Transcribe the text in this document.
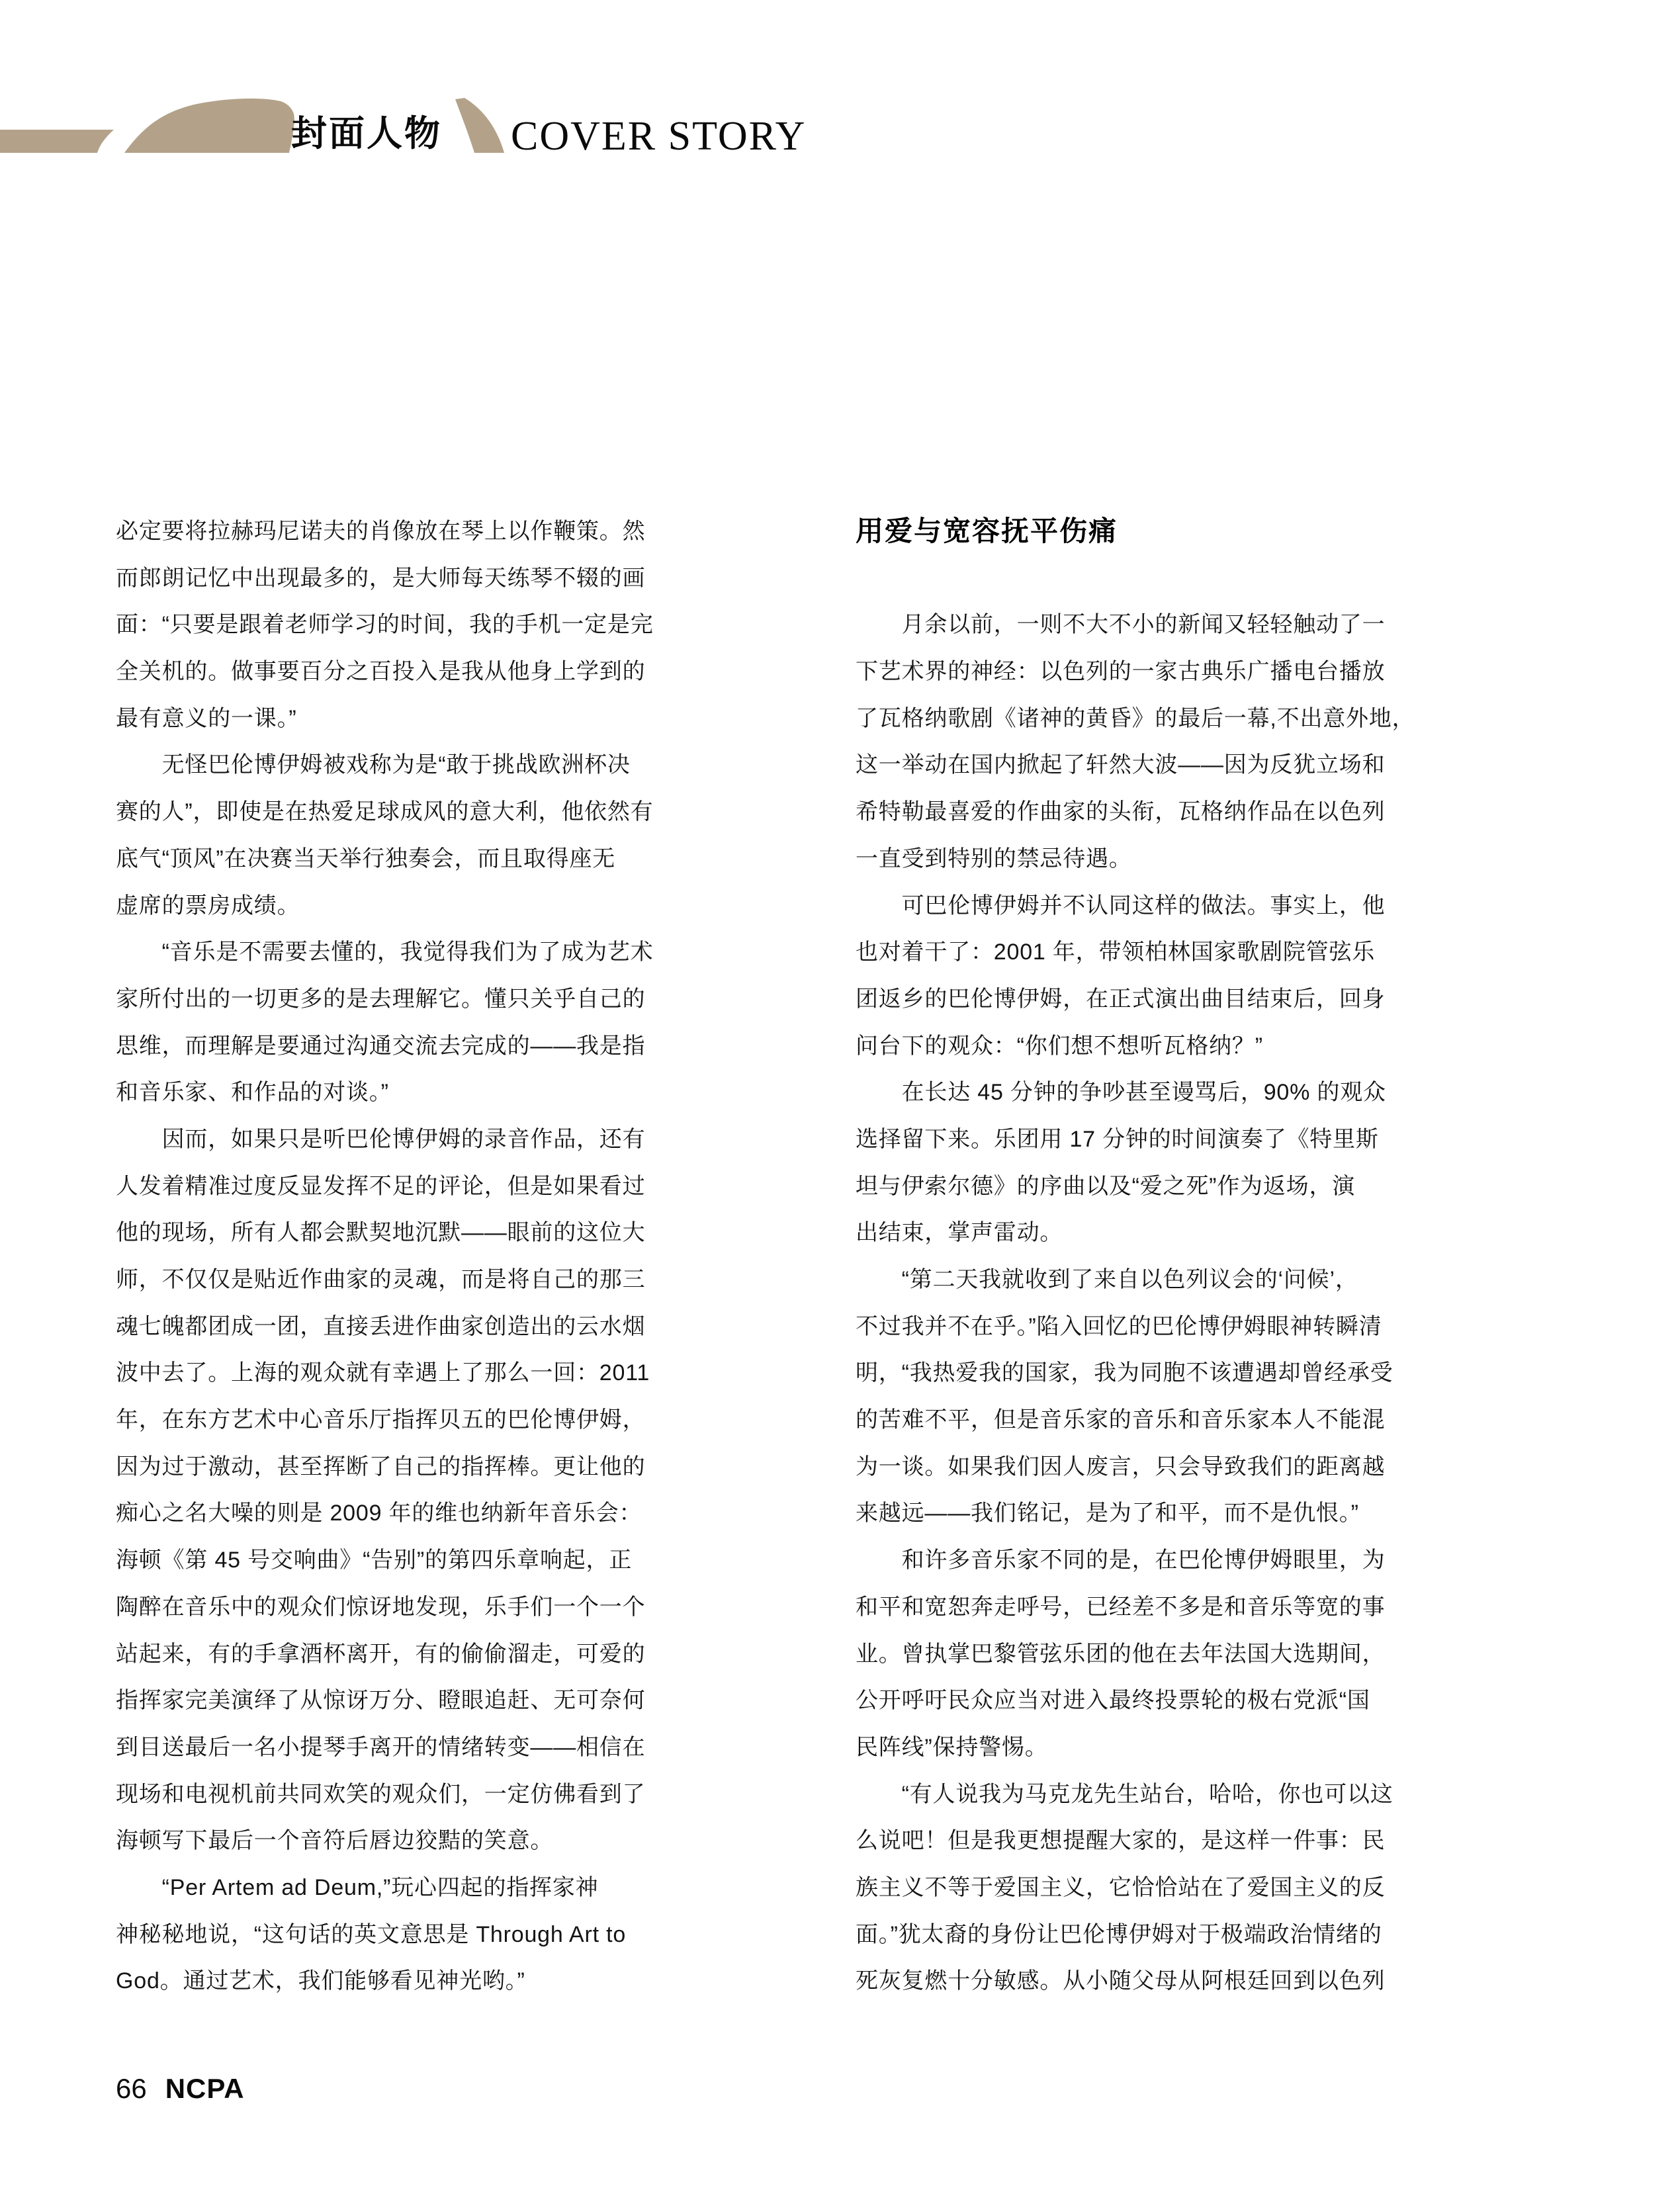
封面人物 COVER STORY
必定要将拉赫玛尼诺夫的肖像放在琴上以作鞭策。然
而郎朗记忆中出现最多的，是大师每天练琴不辍的画
面：“只要是跟着老师学习的时间，我的手机一定是完
全关机的。做事要百分之百投入是我从他身上学到的
最有意义的一课。”
　　无怪巴伦博伊姆被戏称为是“敢于挑战欧洲杯决
赛的人”，即使是在热爱足球成风的意大利，他依然有
底气“顶风”在决赛当天举行独奏会，而且取得座无
虚席的票房成绩。
　　“音乐是不需要去懂的，我觉得我们为了成为艺术
家所付出的一切更多的是去理解它。懂只关乎自己的
思维，而理解是要通过沟通交流去完成的——我是指
和音乐家、和作品的对谈。”
　　因而，如果只是听巴伦博伊姆的录音作品，还有
人发着精准过度反显发挥不足的评论，但是如果看过
他的现场，所有人都会默契地沉默——眼前的这位大
师，不仅仅是贴近作曲家的灵魂，而是将自己的那三
魂七魄都团成一团，直接丢进作曲家创造出的云水烟
波中去了。上海的观众就有幸遇上了那么一回：2011
年，在东方艺术中心音乐厅指挥贝五的巴伦博伊姆，
因为过于激动，甚至挥断了自己的指挥棒。更让他的
痴心之名大噪的则是 2009 年的维也纳新年音乐会：
海顿《第 45 号交响曲》“告别”的第四乐章响起，正
陶醉在音乐中的观众们惊讶地发现，乐手们一个一个
站起来，有的手拿酒杯离开，有的偷偷溜走，可爱的
指挥家完美演绎了从惊讶万分、瞪眼追赶、无可奈何
到目送最后一名小提琴手离开的情绪转变——相信在
现场和电视机前共同欢笑的观众们，一定仿佛看到了
海顿写下最后一个音符后唇边狡黠的笑意。
　　“Per Artem ad Deum,”玩心四起的指挥家神
神秘秘地说，“这句话的英文意思是 Through Art to
God。通过艺术，我们能够看见神光哟。”
用爱与宽容抚平伤痛
　　月余以前，一则不大不小的新闻又轻轻触动了一
下艺术界的神经：以色列的一家古典乐广播电台播放
了瓦格纳歌剧《诸神的黄昏》的最后一幕,不出意外地，
这一举动在国内掀起了轩然大波——因为反犹立场和
希特勒最喜爱的作曲家的头衔，瓦格纳作品在以色列
一直受到特别的禁忌待遇。
　　可巴伦博伊姆并不认同这样的做法。事实上，他
也对着干了：2001 年，带领柏林国家歌剧院管弦乐
团返乡的巴伦博伊姆，在正式演出曲目结束后，回身
问台下的观众：“你们想不想听瓦格纳？”
　　在长达 45 分钟的争吵甚至谩骂后，90% 的观众
选择留下来。乐团用 17 分钟的时间演奏了《特里斯
坦与伊索尔德》的序曲以及“爱之死”作为返场，演
出结束，掌声雷动。
　　“第二天我就收到了来自以色列议会的‘问候’，
不过我并不在乎。”陷入回忆的巴伦博伊姆眼神转瞬清
明，“我热爱我的国家，我为同胞不该遭遇却曾经承受
的苦难不平，但是音乐家的音乐和音乐家本人不能混
为一谈。如果我们因人废言，只会导致我们的距离越
来越远——我们铭记，是为了和平，而不是仇恨。”
　　和许多音乐家不同的是，在巴伦博伊姆眼里，为
和平和宽恕奔走呼号，已经差不多是和音乐等宽的事
业。曾执掌巴黎管弦乐团的他在去年法国大选期间，
公开呼吁民众应当对进入最终投票轮的极右党派“国
民阵线”保持警惕。
　　“有人说我为马克龙先生站台，哈哈，你也可以这
么说吧！但是我更想提醒大家的，是这样一件事：民
族主义不等于爱国主义，它恰恰站在了爱国主义的反
面。”犹太裔的身份让巴伦博伊姆对于极端政治情绪的
死灰复燃十分敏感。从小随父母从阿根廷回到以色列
66 NCPA
